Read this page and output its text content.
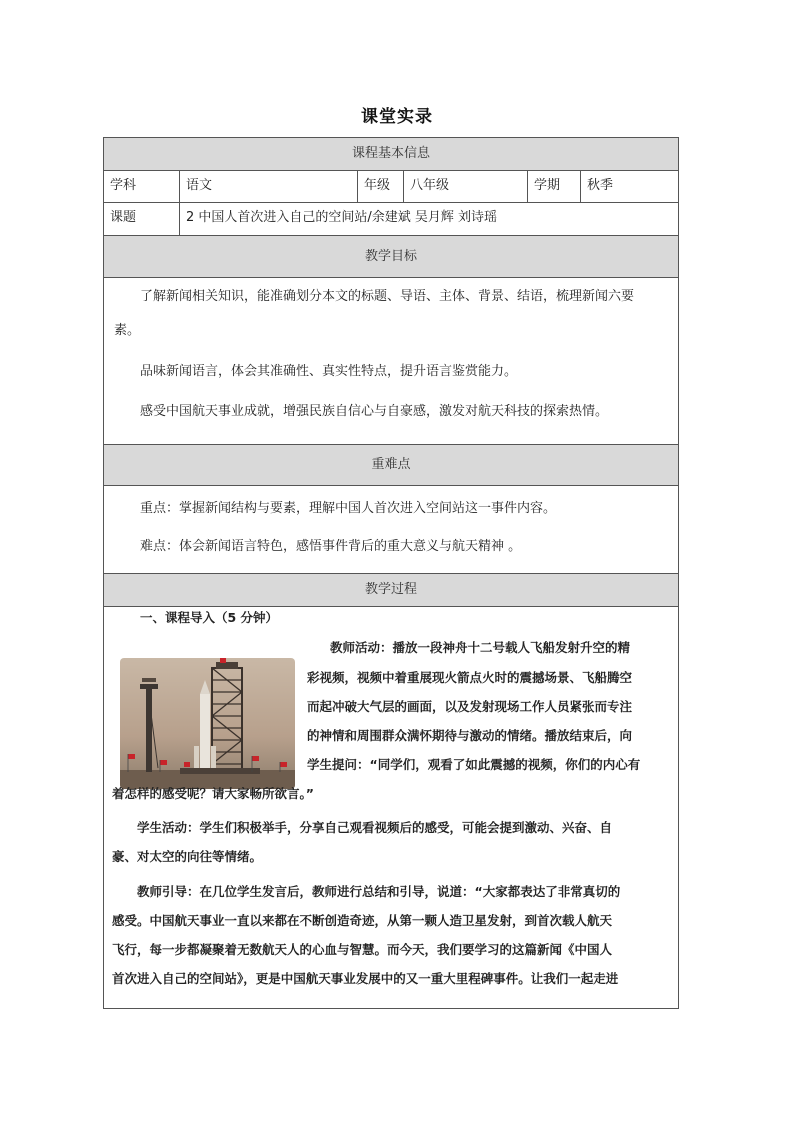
课堂实录
课程基本信息
学科	语文	年级	八年级	学期	秋季
课题	2 中国人首次进入自己的空间站/余建斌 吴月辉 刘诗瑶
教学目标
了解新闻相关知识，能准确划分本文的标题、导语、主体、背景、结语，梳理新闻六要
素。
品味新闻语言，体会其准确性、真实性特点，提升语言鉴赏能力。
感受中国航天事业成就，增强民族自信心与自豪感，激发对航天科技的探索热情。
重难点
重点：掌握新闻结构与要素，理解中国人首次进入空间站这一事件内容。
难点：体会新闻语言特色，感悟事件背后的重大意义与航天精神 。
教学过程
一、课程导入（5 分钟）
教师活动：播放一段神舟十二号载人飞船发射升空的精
彩视频，视频中着重展现火箭点火时的震撼场景、飞船腾空
而起冲破大气层的画面，以及发射现场工作人员紧张而专注
的神情和周围群众满怀期待与激动的情绪。播放结束后，向
学生提问：“同学们，观看了如此震撼的视频，你们的内心有
着怎样的感受呢？请大家畅所欲言。”
　　学生活动：学生们积极举手，分享自己观看视频后的感受，可能会提到激动、兴奋、自
豪、对太空的向往等情绪。
　　教师引导：在几位学生发言后，教师进行总结和引导，说道：“大家都表达了非常真切的
感受。中国航天事业一直以来都在不断创造奇迹，从第一颗人造卫星发射，到首次载人航天
飞行，每一步都凝聚着无数航天人的心血与智慧。而今天，我们要学习的这篇新闻《中国人
首次进入自己的空间站》，更是中国航天事业发展中的又一重大里程碑事件。让我们一起走进
